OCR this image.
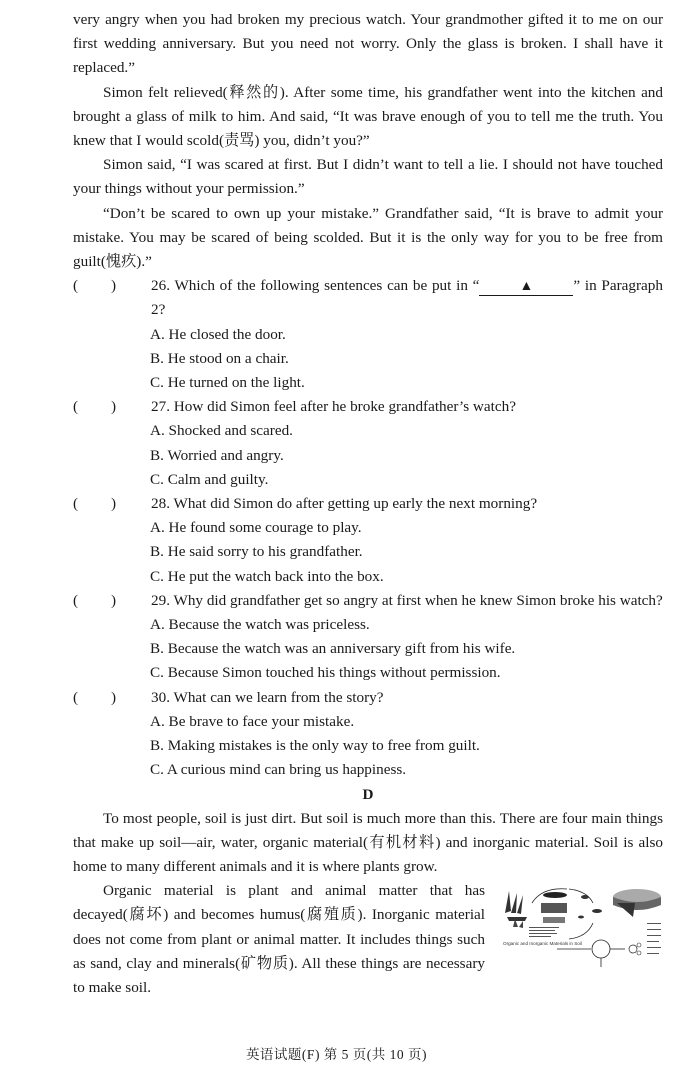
very angry when you had broken my precious watch. Your grandmother gifted it to me on our first wedding anniversary. But you need not worry. Only the glass is broken. I shall have it replaced.”

Simon felt relieved(释然的). After some time, his grandfather went into the kitchen and brought a glass of milk to him. And said, “It was brave enough of you to tell me the truth. You knew that I would scold(责骂) you, didn’t you?”

Simon said, “I was scared at first. But I didn’t want to tell a lie. I should not have touched your things without your permission.”

“Don’t be scared to own up your mistake.” Grandfather said, “It is brave to admit your mistake. You may be scared of being scolded. But it is the only way for you to be free from guilt(愧疚).”

( )	26. Which of the following sentences can be put in “	▲	” in Paragraph 2?

A. He closed the door.

B. He stood on a chair.

C. He turned on the light.

( )	27. How did Simon feel after he broke grandfather’s watch?

A. Shocked and scared.

B. Worried and angry.

C. Calm and guilty.

( )	28. What did Simon do after getting up early the next morning?

A. He found some courage to play.

B. He said sorry to his grandfather.

C. He put the watch back into the box.

( )	29. Why did grandfather get so angry at first when he knew Simon broke his watch?

A. Because the watch was priceless.

B. Because the watch was an anniversary gift from his wife.

C. Because Simon touched his things without permission.

( )	30. What can we learn from the story?

A. Be brave to face your mistake.

B. Making mistakes is the only way to free from guilt.

C. A curious mind can bring us happiness.

D

To most people, soil is just dirt. But soil is much more than this. There are four main things that make up soil—air, water, organic material(有机材料) and inorganic material. Soil is also home to many different animals and it is where plants grow.

Organic material is plant and animal matter that has decayed(腐坏) and becomes humus(腐殖质). Inorganic material does not come from plant or animal matter. It includes things such as sand, clay and minerals(矿物质). All these things are necessary to make soil.

Organic and Inorganic Materials in Soil
英语试题(F) 第 5 页(共 10 页)
